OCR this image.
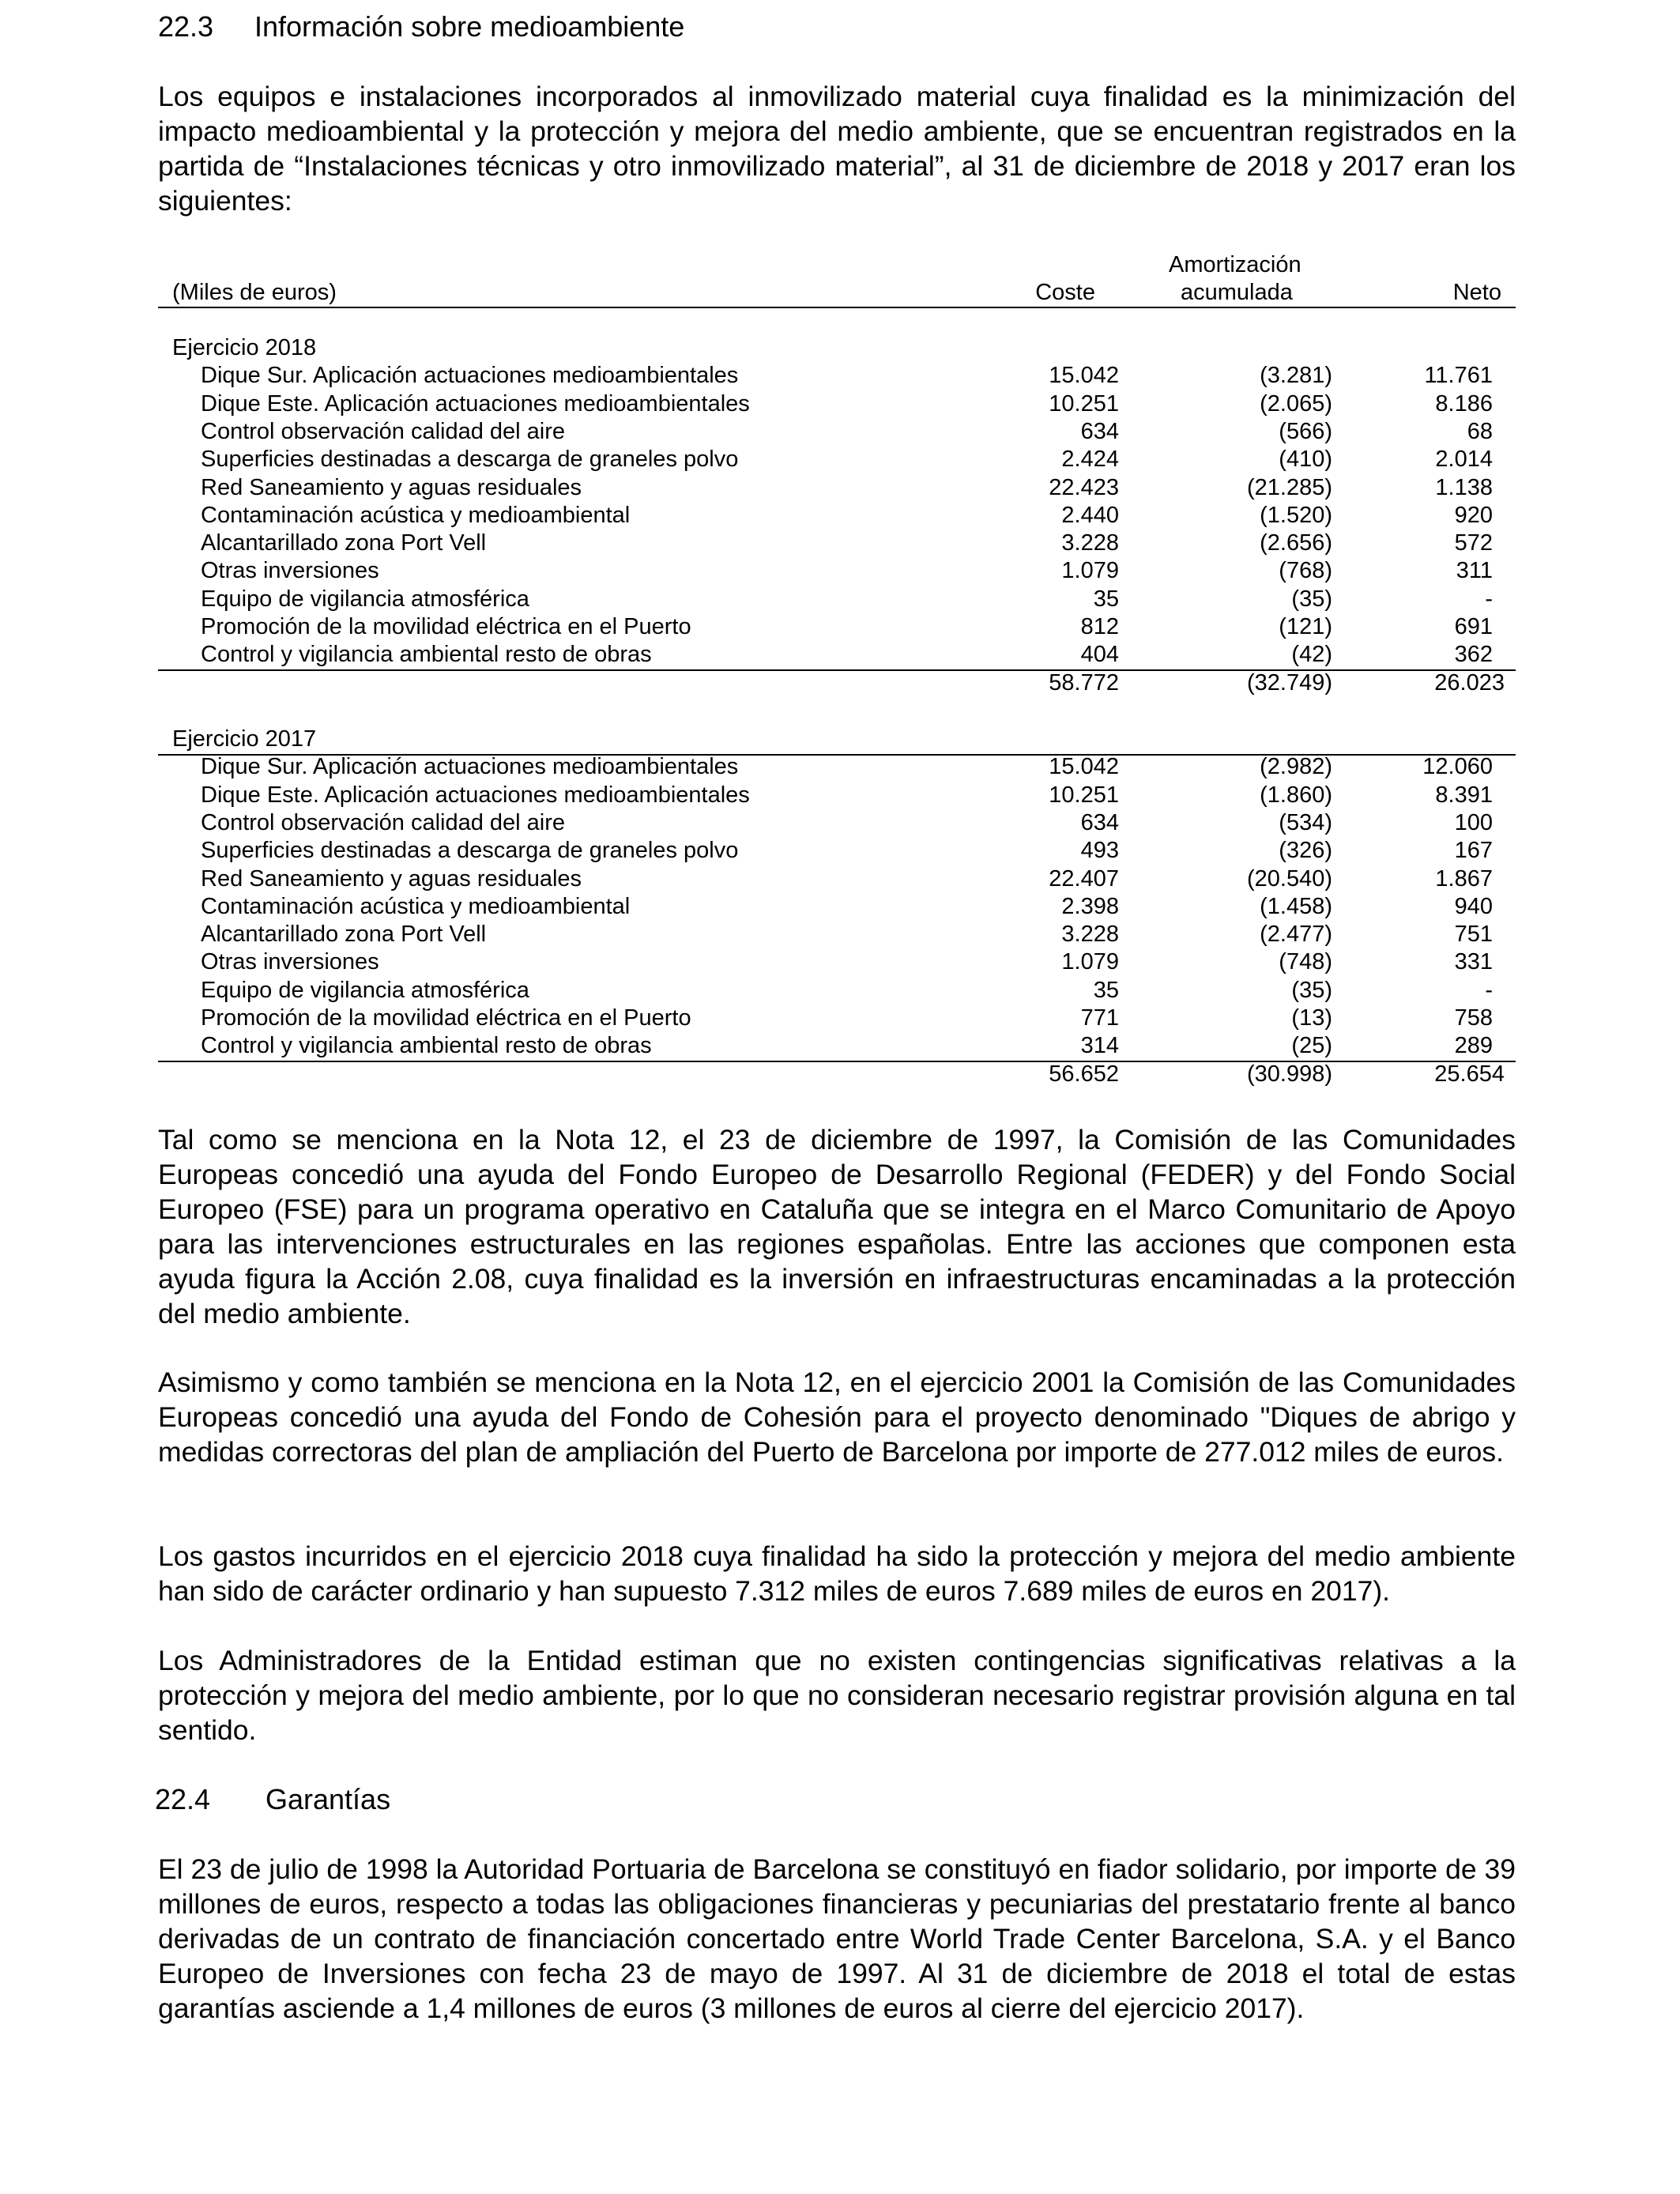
22.3 Información sobre medioambiente
Los equipos e instalaciones incorporados al inmovilizado material cuya finalidad es la minimización del impacto medioambiental y la protección y mejora del medio ambiente, que se encuentran registrados en la partida de “Instalaciones técnicas y otro inmovilizado material”, al 31 de diciembre de 2018 y 2017 eran los siguientes:
Amortización
(Miles de euros)	Coste	acumulada	Neto
Ejercicio 2018
Dique Sur. Aplicación actuaciones medioambientales	15.042	(3.281)	11.761
Dique Este. Aplicación actuaciones medioambientales	10.251	(2.065)	8.186
Control observación calidad del aire	634	(566)	68
Superficies destinadas a descarga de graneles polvo	2.424	(410)	2.014
Red Saneamiento y aguas residuales	22.423	(21.285)	1.138
Contaminación acústica y medioambiental	2.440	(1.520)	920
Alcantarillado zona Port Vell	3.228	(2.656)	572
Otras inversiones	1.079	(768)	311
Equipo de vigilancia atmosférica	35	(35)	-
Promoción de la movilidad eléctrica en el Puerto	812	(121)	691
Control y vigilancia ambiental resto de obras	404	(42)	362
58.772	(32.749)	26.023
Ejercicio 2017
Dique Sur. Aplicación actuaciones medioambientales	15.042	(2.982)	12.060
Dique Este. Aplicación actuaciones medioambientales	10.251	(1.860)	8.391
Control observación calidad del aire	634	(534)	100
Superficies destinadas a descarga de graneles polvo	493	(326)	167
Red Saneamiento y aguas residuales	22.407	(20.540)	1.867
Contaminación acústica y medioambiental	2.398	(1.458)	940
Alcantarillado zona Port Vell	3.228	(2.477)	751
Otras inversiones	1.079	(748)	331
Equipo de vigilancia atmosférica	35	(35)	-
Promoción de la movilidad eléctrica en el Puerto	771	(13)	758
Control y vigilancia ambiental resto de obras	314	(25)	289
56.652	(30.998)	25.654
Tal como se menciona en la Nota 12, el 23 de diciembre de 1997, la Comisión de las Comunidades Europeas concedió una ayuda del Fondo Europeo de Desarrollo Regional (FEDER) y del Fondo Social Europeo (FSE) para un programa operativo en Cataluña que se integra en el Marco Comunitario de Apoyo para las intervenciones estructurales en las regiones españolas. Entre las acciones que componen esta ayuda figura la Acción 2.08, cuya finalidad es la inversión en infraestructuras encaminadas a la protección del medio ambiente.
Asimismo y como también se menciona en la Nota 12, en el ejercicio 2001 la Comisión de las Comunidades Europeas concedió una ayuda del Fondo de Cohesión para el proyecto denominado "Diques de abrigo y medidas correctoras del plan de ampliación del Puerto de Barcelona por importe de 277.012 miles de euros.
Los gastos incurridos en el ejercicio 2018 cuya finalidad ha sido la protección y mejora del medio ambiente han sido de carácter ordinario y han supuesto 7.312 miles de euros 7.689 miles de euros en 2017).
Los Administradores de la Entidad estiman que no existen contingencias significativas relativas a la protección y mejora del medio ambiente, por lo que no consideran necesario registrar provisión alguna en tal sentido.
22.4 Garantías
El 23 de julio de 1998 la Autoridad Portuaria de Barcelona se constituyó en fiador solidario, por importe de 39 millones de euros, respecto a todas las obligaciones financieras y pecuniarias del prestatario frente al banco derivadas de un contrato de financiación concertado entre World Trade Center Barcelona, S.A. y el Banco Europeo de Inversiones con fecha 23 de mayo de 1997. Al 31 de diciembre de 2018 el total de estas garantías asciende a 1,4 millones de euros (3 millones de euros al cierre del ejercicio 2017).
